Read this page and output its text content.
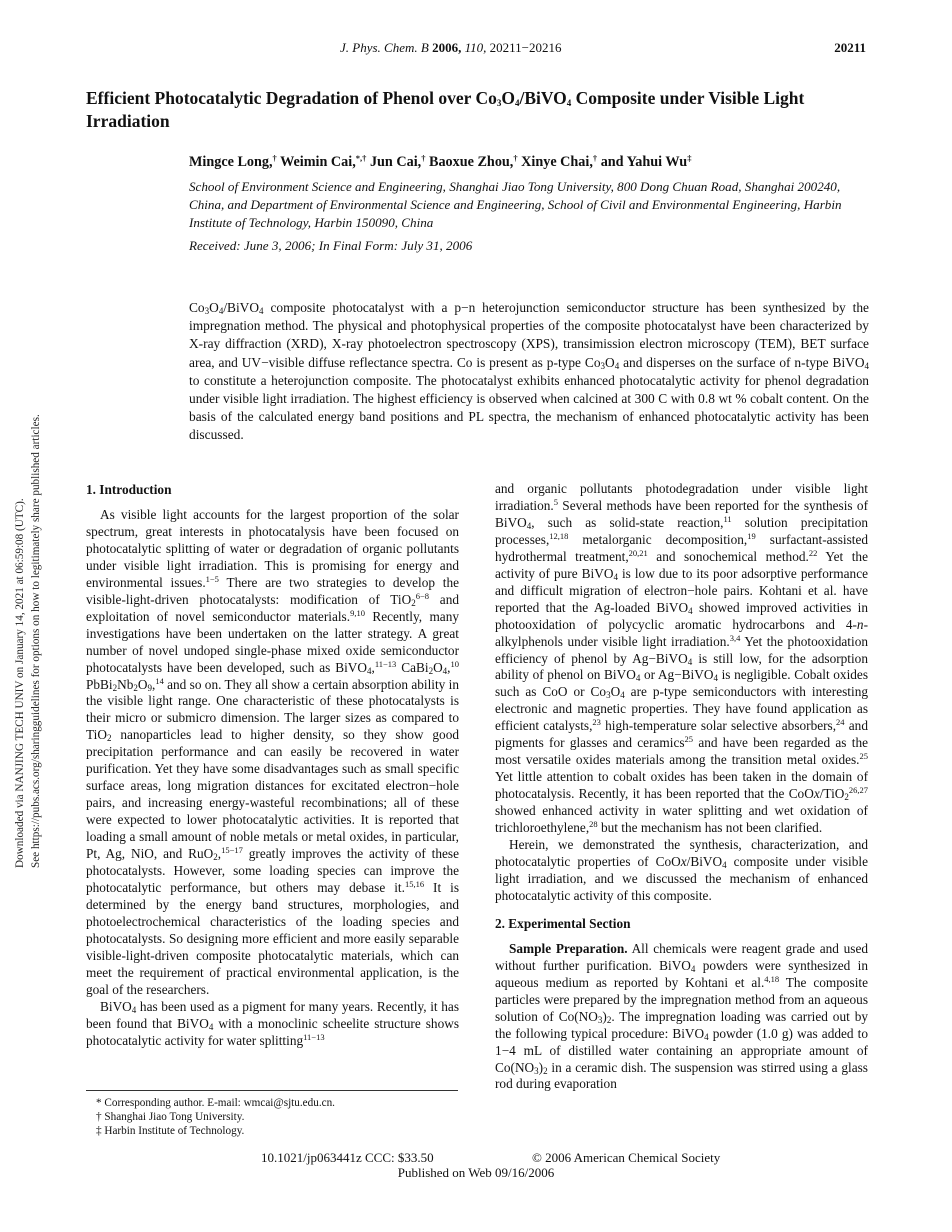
J. Phys. Chem. B 2006, 110, 20211−20216	20211
Downloaded via NANJING TECH UNIV on January 14, 2021 at 06:59:08 (UTC). See https://pubs.acs.org/sharingguidelines for options on how to legitimately share published articles.
Efficient Photocatalytic Degradation of Phenol over $Co_3O_4/BiVO_4$ Composite under Visible Light Irradiation

Mingce Long,† Weimin Cai,*,† Jun Cai,† Baoxue Zhou,† Xinye Chai,† and Yahui Wu‡

School of Environment Science and Engineering, Shanghai Jiao Tong University, 800 Dong Chuan Road, Shanghai 200240, China, and Department of Environmental Science and Engineering, School of Civil and Environmental Engineering, Harbin Institute of Technology, Harbin 150090, China

Received: June 3, 2006; In Final Form: July 31, 2006

$Co_3O_4/BiVO_4$ composite photocatalyst with a p−n heterojunction semiconductor structure has been synthesized by the impregnation method. The physical and photophysical properties of the composite photocatalyst have been characterized by X-ray diffraction (XRD), X-ray photoelectron spectroscopy (XPS), transimission electron microscopy (TEM), BET surface area, and UV−visible diffuse reflectance spectra. Co is present as p-type $Co_3O_4$ and disperses on the surface of n-type BiVO$_4$ to constitute a heterojunction composite. The photocatalyst exhibits enhanced photocatalytic activity for phenol degradation under visible light irradiation. The highest efficiency is observed when calcined at 300 C with 0.8 wt % cobalt content. On the basis of the calculated energy band positions and PL spectra, the mechanism of enhanced photocatalytic activity has been discussed.

1. Introduction

As visible light accounts for the largest proportion of the solar spectrum, great interests in photocatalysis have been focused on photocatalytic splitting of water or degradation of organic pollutants under visible light irradiation. This is promising for energy and environmental issues.$^{1-5}$ There are two strategies to develop the visible-light-driven photocatalysts: modification of TiO$_2^{6-8}$ and exploitation of novel semiconductor materials.$^{9,10}$ Recently, many investigations have been undertaken on the latter strategy. A great number of novel undoped single-phase mixed oxide semiconductor photocatalysts have been developed, such as BiVO$_4$,$^{11-13}$ $CaBi_2O_4,^{10}$ $PbBi_2Nb_2O_9,^{14}$ and so on. They all show a certain absorption ability in the visible light range. One characteristic of these photocatalysts is their micro or submicro dimension. The larger sizes as compared to TiO$_2$ nanoparticles lead to higher density, so they show good precipitation performance and can easily be recovered in water purification. Yet they have some disadvantages such as small specific surface areas, long migration distances for excitated electron−hole pairs, and increasing energy-wasteful recombinations; all of these were expected to lower photocatalytic activities. It is reported that loading a small amount of noble metals or metal oxides, in particular, Pt, Ag, NiO, and RuO$_2$,$^{15-17}$ greatly improves the activity of these photocatalysts. However, some loading species can improve the photocatalytic performance, but others may debase it.$^{15,16}$ It is determined by the energy band structures, morphologies, and photoelectrochemical characteristics of the loading species and photocatalysts. So designing more efficient and more easily separable visible-light-driven composite photocatalytic materials, which can meet the requirement of practical environmental application, is the goal of the researchers.

BiVO$_4$ has been used as a pigment for many years. Recently, it has been found that BiVO$_4$ with a monoclinic scheelite structure shows photocatalytic activity for water splitting$^{11-13}$

* Corresponding author. E-mail: wmcai@sjtu.edu.cn.
† Shanghai Jiao Tong University.
‡ Harbin Institute of Technology.

and organic pollutants photodegradation under visible light irradiation.$^5$ Several methods have been reported for the synthesis of BiVO$_4$, such as solid-state reaction,$^{11}$ solution precipitation processes,$^{12,18}$ metalorganic decomposition,$^{19}$ surfactant-assisted hydrothermal treatment,$^{20,21}$ and sonochemical method.$^{22}$ Yet the activity of pure BiVO$_4$ is low due to its poor adsorptive performance and difficult migration of electron−hole pairs. Kohtani et al. have reported that the Ag-loaded BiVO$_4$ showed improved activities in photooxidation of polycyclic aromatic hydrocarbons and 4-n-alkylphenols under visible light irradiation.$^{3,4}$ Yet the photooxidation efficiency of phenol by Ag−BiVO$_4$ is still low, for the adsorption ability of phenol on BiVO$_4$ or Ag−BiVO$_4$ is negligible. Cobalt oxides such as CoO or $Co_3O_4$ are p-type semiconductors with interesting electronic and magnetic properties. They have found application as efficient catalysts,$^{23}$ high-temperature solar selective absorbers,$^{24}$ and pigments for glasses and ceramics$^{25}$ and have been regarded as the most versatile oxides materials among the transition metal oxides.$^{25}$ Yet little attention to cobalt oxides has been taken in the domain of photocatalysis. Recently, it has been reported that the CoOx/TiO$_2^{26,27}$ showed enhanced activity in water splitting and wet oxidation of trichloroethylene,$^{28}$ but the mechanism has not been clarified.

Herein, we demonstrated the synthesis, characterization, and photocatalytic properties of CoOx/BiVO$_4$ composite under visible light irradiation, and we discussed the mechanism of enhanced photocatalytic activity of this composite.

2. Experimental Section

Sample Preparation. All chemicals were reagent grade and used without further purification. BiVO$_4$ powders were synthesized in aqueous medium as reported by Kohtani et al.$^{4,18}$ The composite particles were prepared by the impregnation method from an aqueous solution of $Co(NO_3)_2$. The impregnation loading was carried out by the following typical procedure: BiVO$_4$ powder (1.0 g) was added to 1−4 mL of distilled water containing an appropriate amount of $Co(NO_3)_2$ in a ceramic dish. The suspension was stirred using a glass rod during evaporation

10.1021/jp063441z CCC: $33.50	© 2006 American Chemical Society
Published on Web 09/16/2006
